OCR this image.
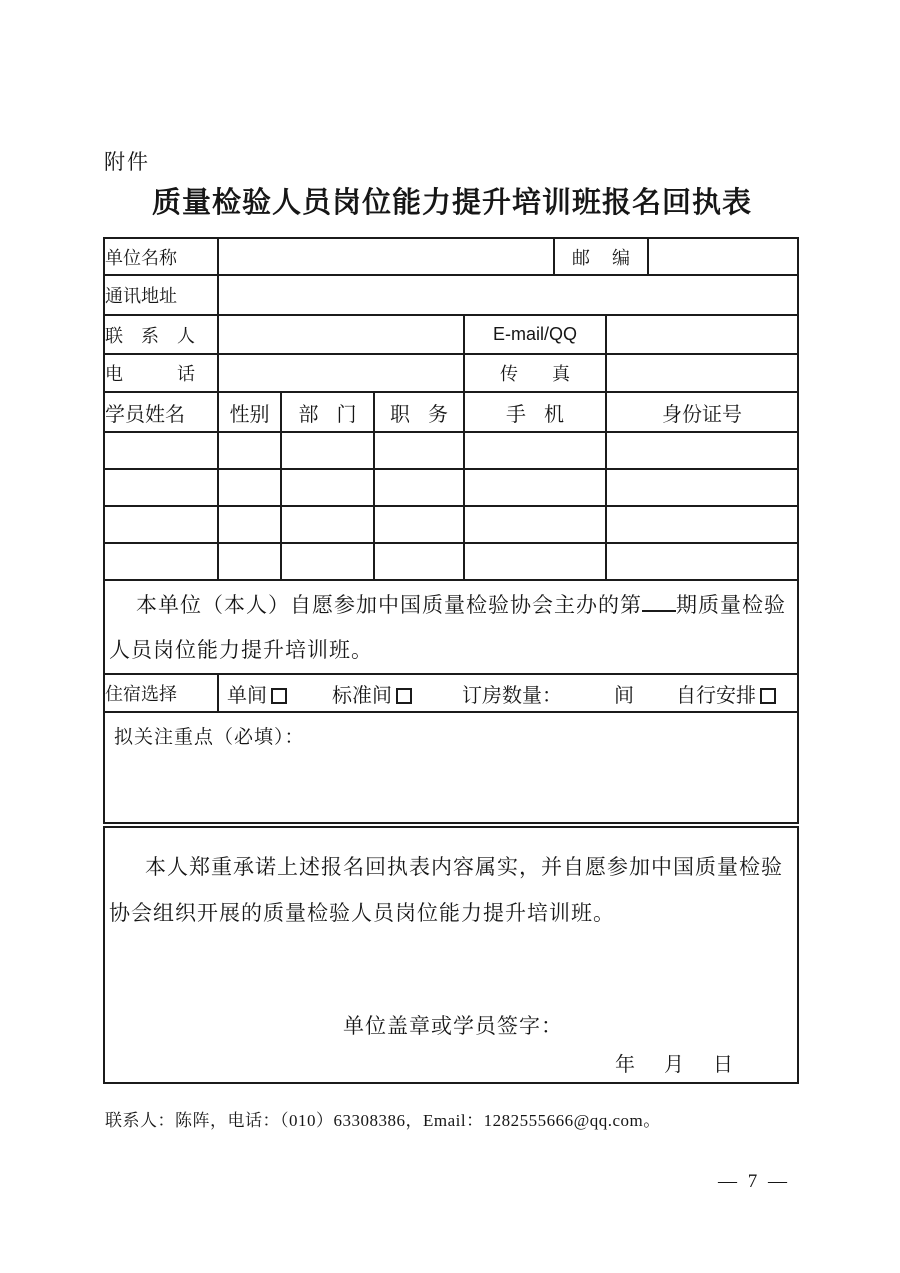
附件
质量检验人员岗位能力提升培训班报名回执表
单位名称					邮编		
通讯地址							
联系人				E-mail/QQ			
电话				传真			
学员姓名	性别	部门	职务	手机		身份证号	

本单位（本人）自愿参加中国质量检验协会主办的第 期质量检验人员岗位能力提升培训班。							

住宿选择	单间 标准间 订房数量： 间 自行安排						

拟关注重点（必填）：							

本人郑重承诺上述报名回执表内容属实，并自愿参加中国质量检验协会组织开展的质量检验人员岗位能力提升培训班。
单位盖章或学员签字：
年　月　日							
联系人：陈阵，电话：（010）63308386，Email：1282555666@qq.com。
— 7 —
